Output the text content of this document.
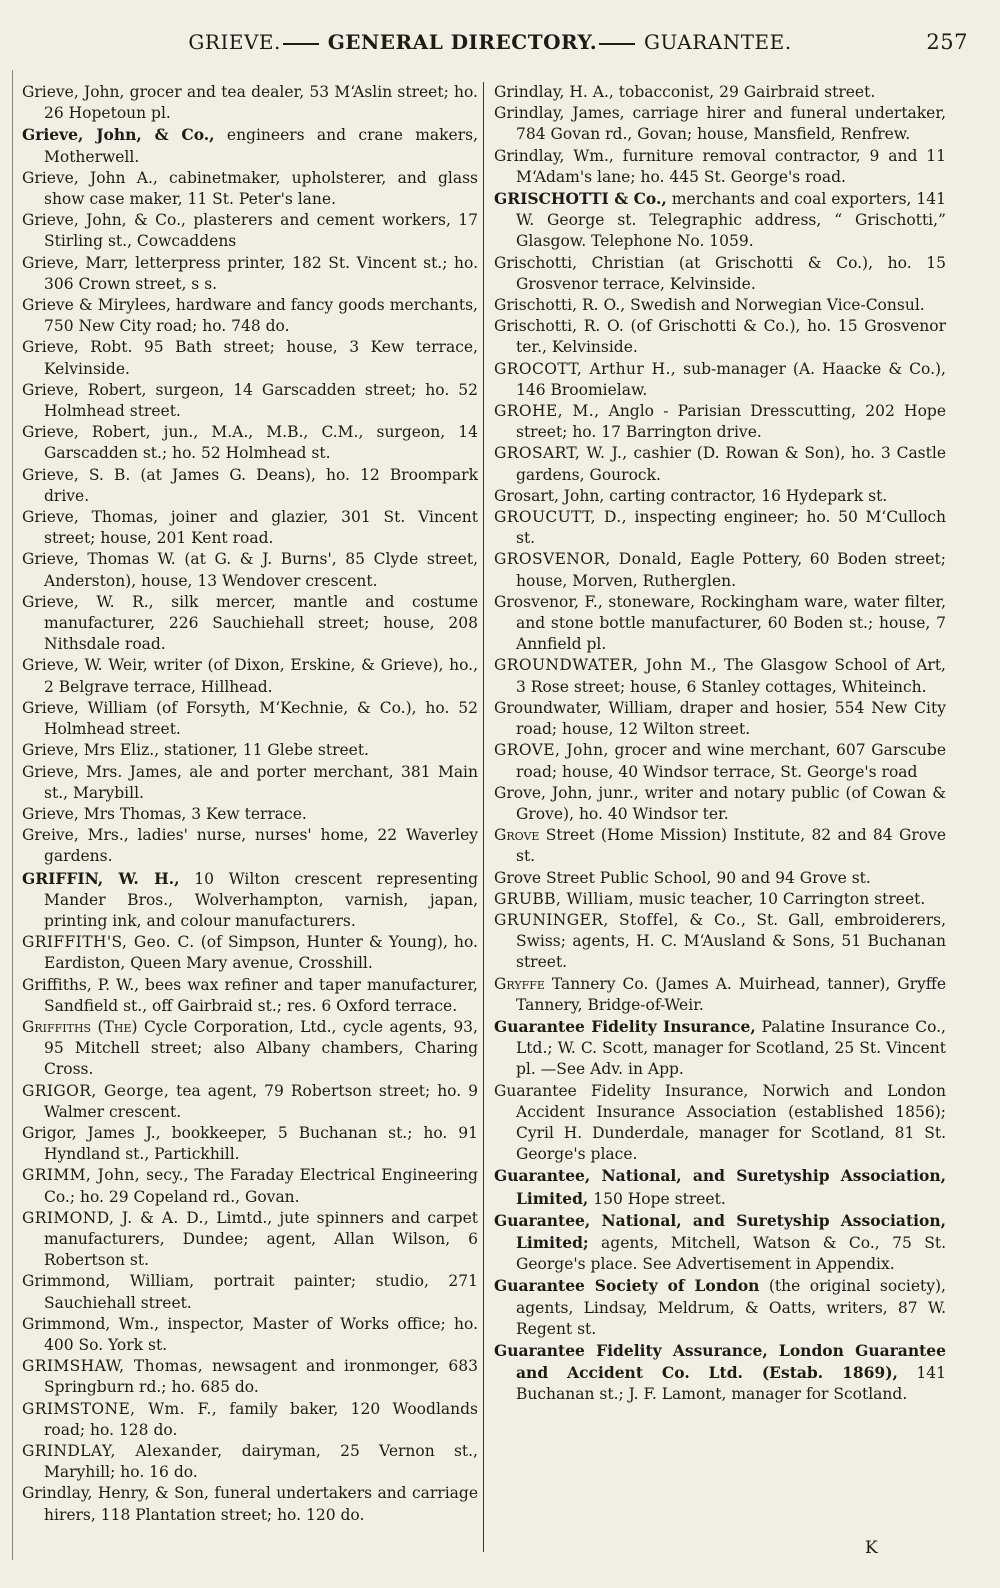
GRIEVE. GENERAL DIRECTORY. GUARANTEE.	257

Grieve, John, grocer and tea dealer, 53 M‘Aslin street; ho. 26 Hopetoun pl.

Grieve, John, & Co., engineers and crane makers, Motherwell.

Grieve, John A., cabinetmaker, upholsterer, and glass show case maker, 11 St. Peter's lane.

Grieve, John, & Co., plasterers and cement workers, 17 Stirling st., Cowcaddens

Grieve, Marr, letterpress printer, 182 St. Vincent st.; ho. 306 Crown street, s s.

Grieve & Mirylees, hardware and fancy goods merchants, 750 New City road; ho. 748 do.

Grieve, Robt. 95 Bath street; house, 3 Kew terrace, Kelvinside.

Grieve, Robert, surgeon, 14 Garscadden street; ho. 52 Holmhead street.

Grieve, Robert, jun., M.A., M.B., C.M., surgeon, 14 Garscadden st.; ho. 52 Holmhead st.

Grieve, S. B. (at James G. Deans), ho. 12 Broompark drive.

Grieve, Thomas, joiner and glazier, 301 St. Vincent street; house, 201 Kent road.

Grieve, Thomas W. (at G. & J. Burns', 85 Clyde street, Anderston), house, 13 Wendover crescent.

Grieve, W. R., silk mercer, mantle and costume manufacturer, 226 Sauchiehall street; house, 208 Nithsdale road.

Grieve, W. Weir, writer (of Dixon, Erskine, & Grieve), ho., 2 Belgrave terrace, Hillhead.

Grieve, William (of Forsyth, M‘Kechnie, & Co.), ho. 52 Holmhead street.

Grieve, Mrs Eliz., stationer, 11 Glebe street.

Grieve, Mrs. James, ale and porter merchant, 381 Main st., Marybill.

Grieve, Mrs Thomas, 3 Kew terrace.

Greive, Mrs., ladies' nurse, nurses' home, 22 Waverley gardens.

GRIFFIN, W. H., 10 Wilton crescent representing Mander Bros., Wolverhampton, varnish, japan, printing ink, and colour manufacturers.

GRIFFITH'S, Geo. C. (of Simpson, Hunter & Young), ho. Eardiston, Queen Mary avenue, Crosshill.

Griffiths, P. W., bees wax refiner and taper manufacturer, Sandfield st., off Gairbraid st.; res. 6 Oxford terrace.

Griffiths (The) Cycle Corporation, Ltd., cycle agents, 93, 95 Mitchell street; also Albany chambers, Charing Cross.

GRIGOR, George, tea agent, 79 Robertson street; ho. 9 Walmer crescent.

Grigor, James J., bookkeeper, 5 Buchanan st.; ho. 91 Hyndland st., Partickhill.

GRIMM, John, secy., The Faraday Electrical Engineering Co.; ho. 29 Copeland rd., Govan.

GRIMOND, J. & A. D., Limtd., jute spinners and carpet manufacturers, Dundee; agent, Allan Wilson, 6 Robertson st.

Grimmond, William, portrait painter; studio, 271 Sauchiehall street.

Grimmond, Wm., inspector, Master of Works office; ho. 400 So. York st.

GRIMSHAW, Thomas, newsagent and ironmonger, 683 Springburn rd.; ho. 685 do.

GRIMSTONE, Wm. F., family baker, 120 Woodlands road; ho. 128 do.

GRINDLAY, Alexander, dairyman, 25 Vernon st., Maryhill; ho. 16 do.

Grindlay, Henry, & Son, funeral undertakers and carriage hirers, 118 Plantation street; ho. 120 do.

Grindlay, H. A., tobacconist, 29 Gairbraid street.

Grindlay, James, carriage hirer and funeral undertaker, 784 Govan rd., Govan; house, Mansfield, Renfrew.

Grindlay, Wm., furniture removal contractor, 9 and 11 M‘Adam's lane; ho. 445 St. George's road.

GRISCHOTTI & Co., merchants and coal exporters, 141 W. George st. Telegraphic address, “ Grischotti,” Glasgow. Telephone No. 1059.

Grischotti, Christian (at Grischotti & Co.), ho. 15 Grosvenor terrace, Kelvinside.

Grischotti, R. O., Swedish and Norwegian Vice-Consul.

Grischotti, R. O. (of Grischotti & Co.), ho. 15 Grosvenor ter., Kelvinside.

GROCOTT, Arthur H., sub-manager (A. Haacke & Co.), 146 Broomielaw.

GROHE, M., Anglo - Parisian Dresscutting, 202 Hope street; ho. 17 Barrington drive.

GROSART, W. J., cashier (D. Rowan & Son), ho. 3 Castle gardens, Gourock.

Grosart, John, carting contractor, 16 Hydepark st.

GROUCUTT, D., inspecting engineer; ho. 50 M‘Culloch st.

GROSVENOR, Donald, Eagle Pottery, 60 Boden street; house, Morven, Rutherglen.

Grosvenor, F., stoneware, Rockingham ware, water filter, and stone bottle manufacturer, 60 Boden st.; house, 7 Annfield pl.

GROUNDWATER, John M., The Glasgow School of Art, 3 Rose street; house, 6 Stanley cottages, Whiteinch.

Groundwater, William, draper and hosier, 554 New City road; house, 12 Wilton street.

GROVE, John, grocer and wine merchant, 607 Garscube road; house, 40 Windsor terrace, St. George's road

Grove, John, junr., writer and notary public (of Cowan & Grove), ho. 40 Windsor ter.

Grove Street (Home Mission) Institute, 82 and 84 Grove st.

Grove Street Public School, 90 and 94 Grove st.

GRUBB, William, music teacher, 10 Carrington street.

GRUNINGER, Stoffel, & Co., St. Gall, embroiderers, Swiss; agents, H. C. M‘Ausland & Sons, 51 Buchanan street.

Gryffe Tannery Co. (James A. Muirhead, tanner), Gryffe Tannery, Bridge-of-Weir.

Guarantee Fidelity Insurance, Palatine Insurance Co., Ltd.; W. C. Scott, manager for Scotland, 25 St. Vincent pl. —See Adv. in App.

Guarantee Fidelity Insurance, Norwich and London Accident Insurance Association (established 1856); Cyril H. Dunderdale, manager for Scotland, 81 St. George's place.

Guarantee, National, and Suretyship Association, Limited, 150 Hope street.

Guarantee, National, and Suretyship Association, Limited; agents, Mitchell, Watson & Co., 75 St. George's place. See Advertisement in Appendix.

Guarantee Society of London (the original society), agents, Lindsay, Meldrum, & Oatts, writers, 87 W. Regent st.

Guarantee Fidelity Assurance, London Guarantee and Accident Co. Ltd. (Estab. 1869), 141 Buchanan st.; J. F. Lamont, manager for Scotland.

K
